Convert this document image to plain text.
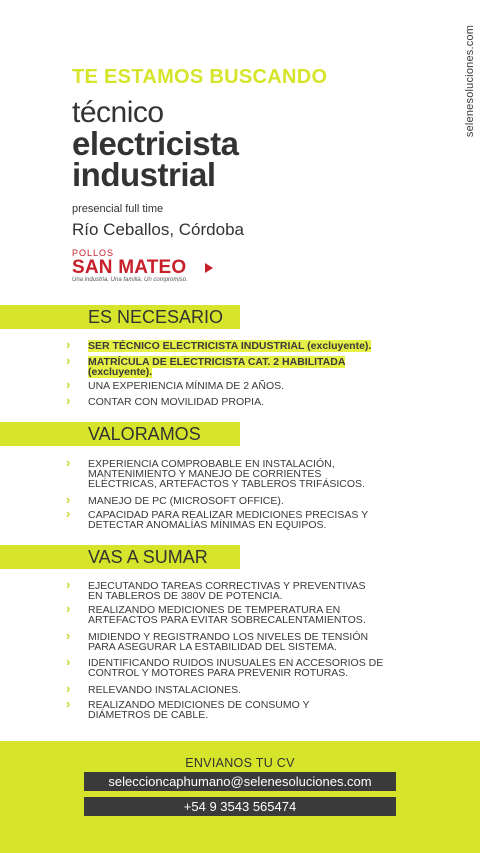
selenesoluciones.com
TE ESTAMOS BUSCANDO
técnico
electricista
industrial
presencial full time
Río Ceballos, Córdoba
POLLOS
SAN MATEO
Una industria. Una familia. Un compromiso.
ES NECESARIO
› SER TÉCNICO ELECTRICISTA INDUSTRIAL (excluyente).
› MATRÍCULA DE ELECTRICISTA CAT. 2 HABILITADA (excluyente).
› UNA EXPERIENCIA MÍNIMA DE 2 AÑOS.
› CONTAR CON MOVILIDAD PROPIA.
VALORAMOS
› EXPERIENCIA COMPROBABLE EN INSTALACIÓN, MANTENIMIENTO Y MANEJO DE CORRIENTES ELÉCTRICAS, ARTEFACTOS Y TABLEROS TRIFÁSICOS.
› MANEJO DE PC (MICROSOFT OFFICE).
› CAPACIDAD PARA REALIZAR MEDICIONES PRECISAS Y DETECTAR ANOMALÍAS MÍNIMAS EN EQUIPOS.
VAS A SUMAR
› EJECUTANDO TAREAS CORRECTIVAS Y PREVENTIVAS EN TABLEROS DE 380V DE POTENCIA.
› REALIZANDO MEDICIONES DE TEMPERATURA EN ARTEFACTOS PARA EVITAR SOBRECALENTAMIENTOS.
› MIDIENDO Y REGISTRANDO LOS NIVELES DE TENSIÓN PARA ASEGURAR LA ESTABILIDAD DEL SISTEMA.
› IDENTIFICANDO RUIDOS INUSUALES EN ACCESORIOS DE CONTROL Y MOTORES PARA PREVENIR ROTURAS.
› RELEVANDO INSTALACIONES.
› REALIZANDO MEDICIONES DE CONSUMO Y DIÁMETROS DE CABLE.
ENVIANOS TU CV
seleccioncaphumano@selenesoluciones.com
+54 9 3543 565474
